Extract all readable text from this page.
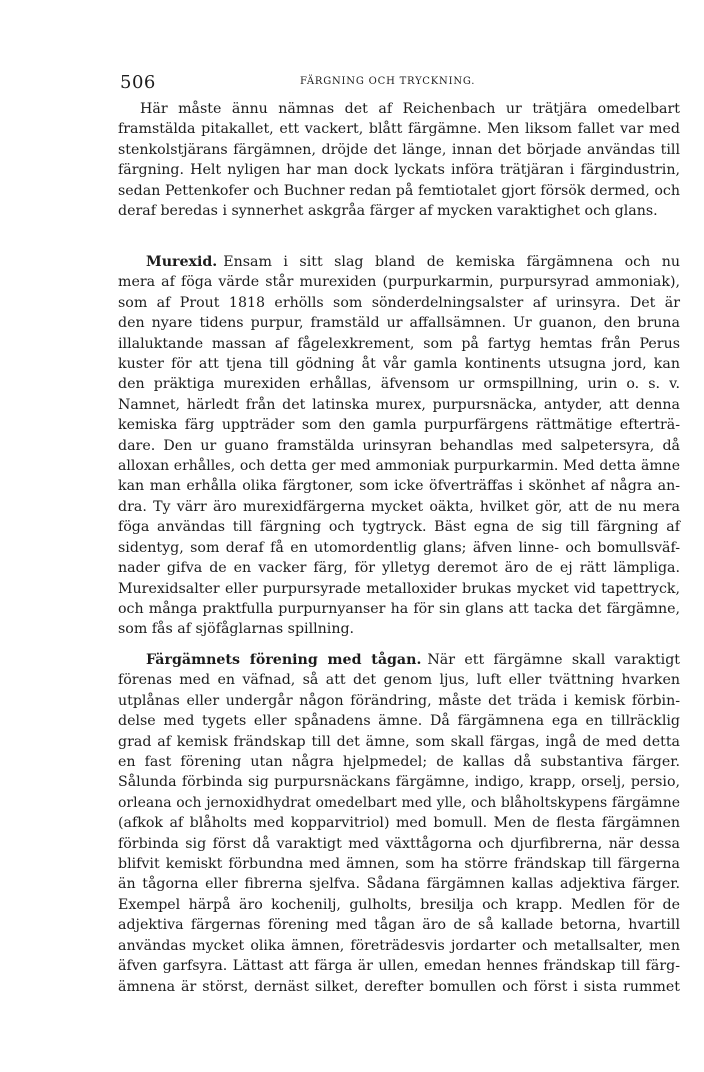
506	FÄRGNING OCH TRYCKNING.
Här måste ännu nämnas det af Reichenbach ur trätjära omedelbart
framstälda pitakallet, ett vackert, blått färgämne. Men liksom fallet var med
stenkolstjärans färgämnen, dröjde det länge, innan det började användas till
färgning. Helt nyligen har man dock lyckats införa trätjäran i färgindustrin,
sedan Pettenkofer och Buchner redan på femtiotalet gjort försök dermed, och
deraf beredas i synnerhet askgråa färger af mycken varaktighet och glans.
Murexid. Ensam i sitt slag bland de kemiska färgämnena och nu
mera af föga värde står murexiden (purpurkarmin, purpursyrad ammoniak),
som af Prout 1818 erhölls som sönderdelningsalster af urinsyra. Det är
den nyare tidens purpur, framstäld ur affallsämnen. Ur guanon, den bruna
illaluktande massan af fågelexkrement, som på fartyg hemtas från Perus
kuster för att tjena till gödning åt vår gamla kontinents utsugna jord, kan
den präktiga murexiden erhållas, äfvensom ur ormspillning, urin o. s. v.
Namnet, härledt från det latinska murex, purpursnäcka, antyder, att denna
kemiska färg uppträder som den gamla purpurfärgens rättmätige efterträ-
dare. Den ur guano framstälda urinsyran behandlas med salpetersyra, då
alloxan erhålles, och detta ger med ammoniak purpurkarmin. Med detta ämne
kan man erhålla olika färgtoner, som icke öfverträffas i skönhet af några an-
dra. Ty värr äro murexidfärgerna mycket oäkta, hvilket gör, att de nu mera
föga användas till färgning och tygtryck. Bäst egna de sig till färgning af
sidentyg, som deraf få en utomordentlig glans; äfven linne- och bomullsväf-
nader gifva de en vacker färg, för ylletyg deremot äro de ej rätt lämpliga.
Murexidsalter eller purpursyrade metalloxider brukas mycket vid tapettryck,
och många praktfulla purpurnyanser ha för sin glans att tacka det färgämne,
som fås af sjöfåglarnas spillning.
Färgämnets förening med tågan. När ett färgämne skall varaktigt
förenas med en väfnad, så att det genom ljus, luft eller tvättning hvarken
utplånas eller undergår någon förändring, måste det träda i kemisk förbin-
delse med tygets eller spånadens ämne. Då färgämnena ega en tillräcklig
grad af kemisk frändskap till det ämne, som skall färgas, ingå de med detta
en fast förening utan några hjelpmedel; de kallas då substantiva färger.
Sålunda förbinda sig purpursnäckans färgämne, indigo, krapp, orselj, persio,
orleana och jernoxidhydrat omedelbart med ylle, och blåholtskypens färgämne
(afkok af blåholts med kopparvitriol) med bomull. Men de flesta färgämnen
förbinda sig först då varaktigt med växttågorna och djurfibrerna, när dessa
blifvit kemiskt förbundna med ämnen, som ha större frändskap till färgerna
än tågorna eller fibrerna sjelfva. Sådana färgämnen kallas adjektiva färger.
Exempel härpå äro kochenilj, gulholts, bresilja och krapp. Medlen för de
adjektiva färgernas förening med tågan äro de så kallade betorna, hvartill
användas mycket olika ämnen, företrädesvis jordarter och metallsalter, men
äfven garfsyra. Lättast att färga är ullen, emedan hennes frändskap till färg-
ämnena är störst, dernäst silket, derefter bomullen och först i sista rummet
